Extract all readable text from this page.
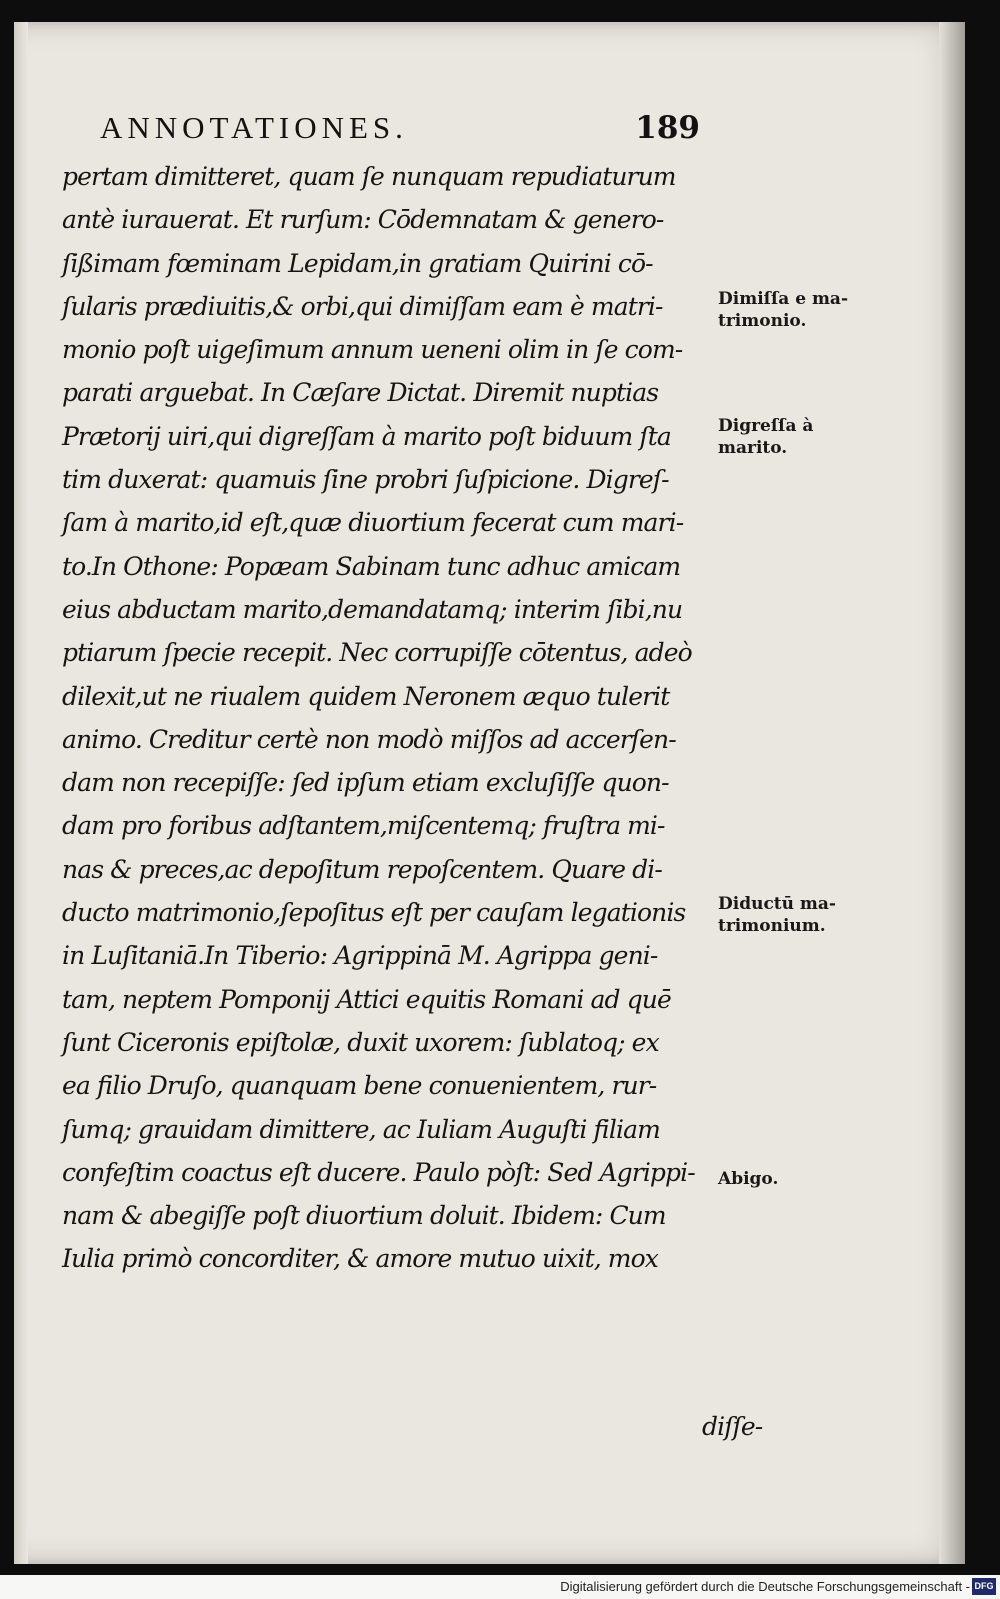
ANNOTATIONES.	189
pertam dimitteret, quam ſe nunquam repudiaturum
antè iurauerat. Et rurſum: Cōdemnatam & genero-
ſißimam fœminam Lepidam,in gratiam Quirini cō-
ſularis prædiuitis,& orbi,qui dimiſſam eam è matri-
monio poſt uigeſimum annum ueneni olim in ſe com-
parati arguebat. In Cæſare Dictat. Diremit nuptias
Prætorij uiri,qui digreſſam à marito poſt biduum ſta
tim duxerat: quamuis ſine probri ſuſpicione. Digreſ-
ſam à marito,id eſt,quæ diuortium fecerat cum mari-
to.In Othone: Popæam Sabinam tunc adhuc amicam
eius abductam marito,demandatamq; interim ſibi,nu
ptiarum ſpecie recepit. Nec corrupiſſe cōtentus, adeò
dilexit,ut ne riualem quidem Neronem æquo tulerit
animo. Creditur certè non modò miſſos ad accerſen-
dam non recepiſſe: ſed ipſum etiam excluſiſſe quon-
dam pro foribus adſtantem,miſcentemq; fruſtra mi-
nas & preces,ac depoſitum repoſcentem. Quare di-
ducto matrimonio,ſepoſitus eſt per cauſam legationis
in Luſitaniā.In Tiberio: Agrippinā M. Agrippa geni-
tam, neptem Pomponij Attici equitis Romani ad quē
ſunt Ciceronis epiſtolæ, duxit uxorem: ſublatoq; ex
ea filio Druſo, quanquam bene conuenientem, rur-
ſumq; grauidam dimittere, ac Iuliam Auguſti filiam
confeſtim coactus eſt ducere. Paulo pòſt: Sed Agrippi-
nam & abegiſſe poſt diuortium doluit. Ibidem: Cum
Iulia primò concorditer, & amore mutuo uixit, mox
diſſe-
Dimiſſa e ma-
trimonio.
Digreſſa à
marito.
Diductū ma-
trimonium.
Abigo.
Digitalisierung gefördert durch die Deutsche Forschungsgemeinschaft - DFG
